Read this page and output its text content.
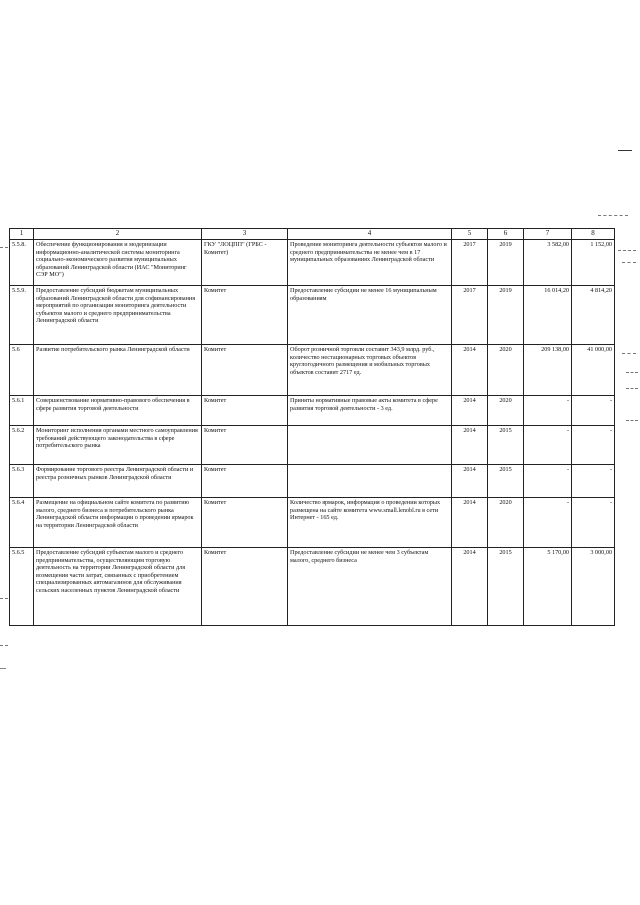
1	2	3	4	5	6	7	8
5.5.8.	Обеспечение функционирования и модернизации информационно-аналитической системы мониторинга социально-экономического развития муниципальных образований Ленинградской области (ИАС "Мониторинг СЭР МО")	ГКУ "ЛОЦПП" (ГРБС - Комитет)	Проведение мониторинга деятельности субъектов малого и среднего предпринимательства не менее чем в 17 муниципальных образованиях Ленинградской области	2017	2019	3 582,00	1 152,00
5.5.9.	Предоставление субсидий бюджетам муниципальных образований Ленинградской области для софинансирования мероприятий по организации мониторинга деятельности субъектов малого и среднего предпринимательства Ленинградской области	Комитет	Предоставление субсидии не менее 16 муниципальным образованиям	2017	2019	16 014,20	4 814,20
5.6	Развитие потребительского рынка Ленинградской области	Комитет	Оборот розничной торговли составит 343,9 млрд. руб., количество нестационарных торговых объектов круглогодичного размещения и мобильных торговых объектов составит 2717 ед.	2014	2020	209 138,00	41 000,00
5.6.1	Совершенствование нормативно-правового обеспечения в сфере развития торговой деятельности	Комитет	Приняты нормативные правовые акты комитета в сфере развития торговой деятельности - 3 ед.	2014	2020	-	-
5.6.2	Мониторинг исполнения органами местного самоуправления требований действующего законодательства в сфере потребительского рынка	Комитет		2014	2015	-	-
5.6.3	Формирование торгового реестра Ленинградской области и реестра розничных рынков Ленинградской области	Комитет		2014	2015	-	-
5.6.4	Размещение на официальном сайте комитета по развитию малого, среднего бизнеса и потребительского рынка Ленинградской области информации о проведении ярмарок на территории Ленинградской области	Комитет	Количество ярмарок, информация о проведении которых размещена на сайте комитета www.small.lenobl.ru в сети Интернет - 165 ед.	2014	2020	-	-
5.6.5	Предоставление субсидий субъектам малого и среднего предпринимательства, осуществляющим торговую деятельность на территории Ленинградской области для возмещения части затрат, связанных с приобретением специализированных автомагазинов для обслуживания сельских населенных пунктов Ленинградской области	Комитет	Предоставление субсидии не менее чем 3 субъектам малого, среднего бизнеса	2014	2015	5 170,00	3 000,00
